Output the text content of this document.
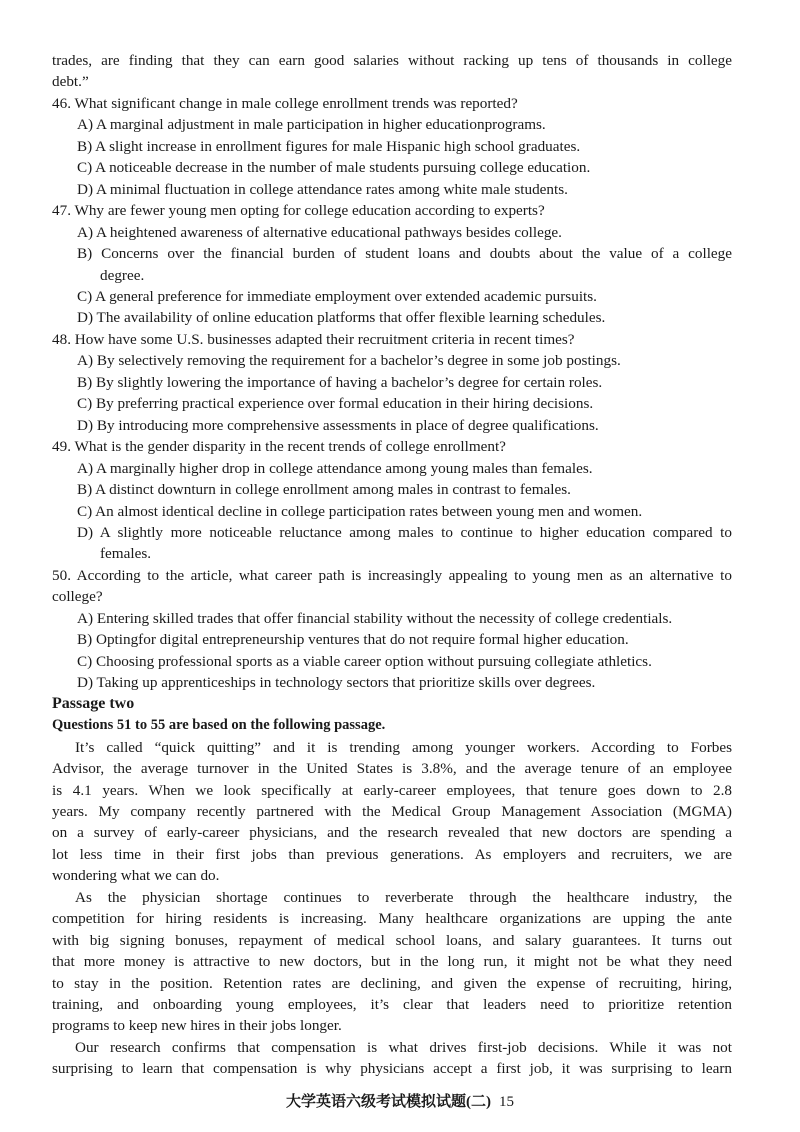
trades, are finding that they can earn good salaries without racking up tens of thousands in college
debt.”
46. What significant change in male college enrollment trends was reported?
A) A marginal adjustment in male participation in higher educationprograms.
B) A slight increase in enrollment figures for male Hispanic high school graduates.
C) A noticeable decrease in the number of male students pursuing college education.
D) A minimal fluctuation in college attendance rates among white male students.
47. Why are fewer young men opting for college education according to experts?
A) A heightened awareness of alternative educational pathways besides college.
B) Concerns over the financial burden of student loans and doubts about the value of a college
degree.
C) A general preference for immediate employment over extended academic pursuits.
D) The availability of online education platforms that offer flexible learning schedules.
48. How have some U.S. businesses adapted their recruitment criteria in recent times?
A) By selectively removing the requirement for a bachelor’s degree in some job postings.
B) By slightly lowering the importance of having a bachelor’s degree for certain roles.
C) By preferring practical experience over formal education in their hiring decisions.
D) By introducing more comprehensive assessments in place of degree qualifications.
49. What is the gender disparity in the recent trends of college enrollment?
A) A marginally higher drop in college attendance among young males than females.
B) A distinct downturn in college enrollment among males in contrast to females.
C) An almost identical decline in college participation rates between young men and women.
D) A slightly more noticeable reluctance among males to continue to higher education compared to
females.
50. According to the article, what career path is increasingly appealing to young men as an alternative to
college?
A) Entering skilled trades that offer financial stability without the necessity of college credentials.
B) Optingfor digital entrepreneurship ventures that do not require formal higher education.
C) Choosing professional sports as a viable career option without pursuing collegiate athletics.
D) Taking up apprenticeships in technology sectors that prioritize skills over degrees.
Passage two
Questions 51 to 55 are based on the following passage.
It’s called “quick quitting” and it is trending among younger workers. According to Forbes
Advisor, the average turnover in the United States is 3.8%, and the average tenure of an employee
is 4.1 years. When we look specifically at early-career employees, that tenure goes down to 2.8
years. My company recently partnered with the Medical Group Management Association (MGMA)
on a survey of early-career physicians, and the research revealed that new doctors are spending a
lot less time in their first jobs than previous generations. As employers and recruiters, we are
wondering what we can do.
As the physician shortage continues to reverberate through the healthcare industry, the
competition for hiring residents is increasing. Many healthcare organizations are upping the ante
with big signing bonuses, repayment of medical school loans, and salary guarantees. It turns out
that more money is attractive to new doctors, but in the long run, it might not be what they need
to stay in the position. Retention rates are declining, and given the expense of recruiting, hiring,
training, and onboarding young employees, it’s clear that leaders need to prioritize retention
programs to keep new hires in their jobs longer.
Our research confirms that compensation is what drives first-job decisions. While it was not
surprising to learn that compensation is why physicians accept a first job, it was surprising to learn
大学英语六级考试模拟试题(二) 15
